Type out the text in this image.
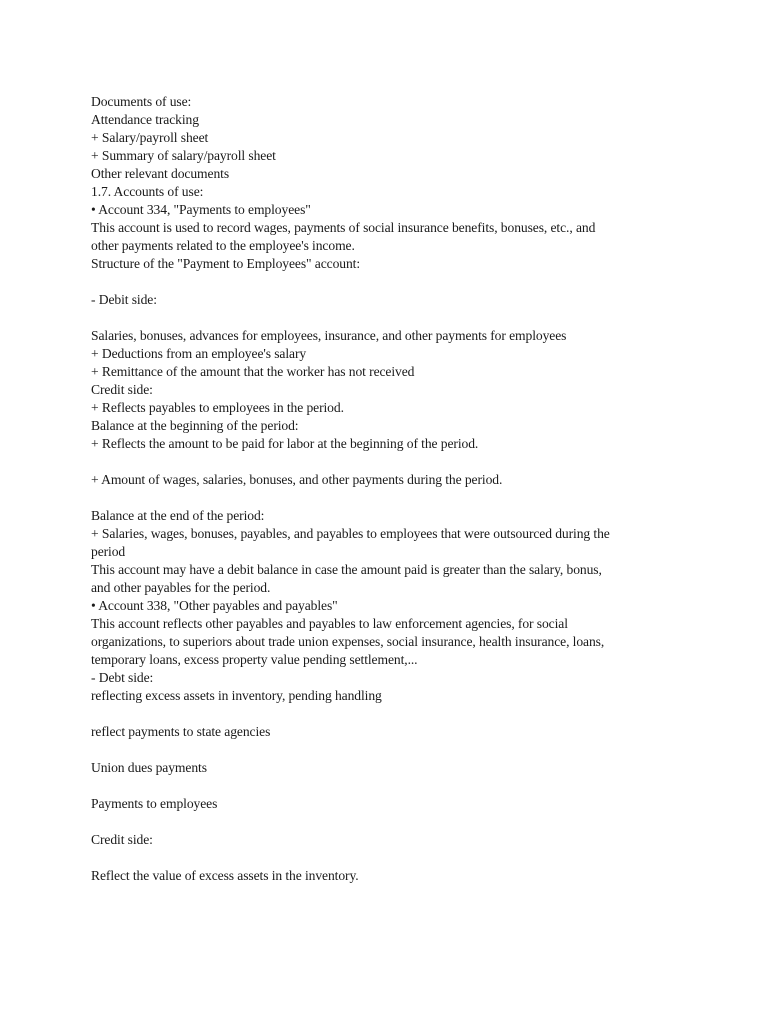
Documents of use:
Attendance tracking
+ Salary/payroll sheet
+ Summary of salary/payroll sheet
Other relevant documents
1.7. Accounts of use:
• Account 334, "Payments to employees"
This account is used to record wages, payments of social insurance benefits, bonuses, etc., and
other payments related to the employee's income.
Structure of the "Payment to Employees" account:
- Debit side:
Salaries, bonuses, advances for employees, insurance, and other payments for employees
+ Deductions from an employee's salary
+ Remittance of the amount that the worker has not received
Credit side:
+ Reflects payables to employees in the period.
Balance at the beginning of the period:
+ Reflects the amount to be paid for labor at the beginning of the period.
+ Amount of wages, salaries, bonuses, and other payments during the period.
Balance at the end of the period:
+ Salaries, wages, bonuses, payables, and payables to employees that were outsourced during the
period
This account may have a debit balance in case the amount paid is greater than the salary, bonus,
and other payables for the period.
• Account 338, "Other payables and payables"
This account reflects other payables and payables to law enforcement agencies, for social
organizations, to superiors about trade union expenses, social insurance, health insurance, loans,
temporary loans, excess property value pending settlement,...
- Debt side:
reflecting excess assets in inventory, pending handling
reflect payments to state agencies
Union dues payments
Payments to employees
Credit side:
Reflect the value of excess assets in the inventory.
